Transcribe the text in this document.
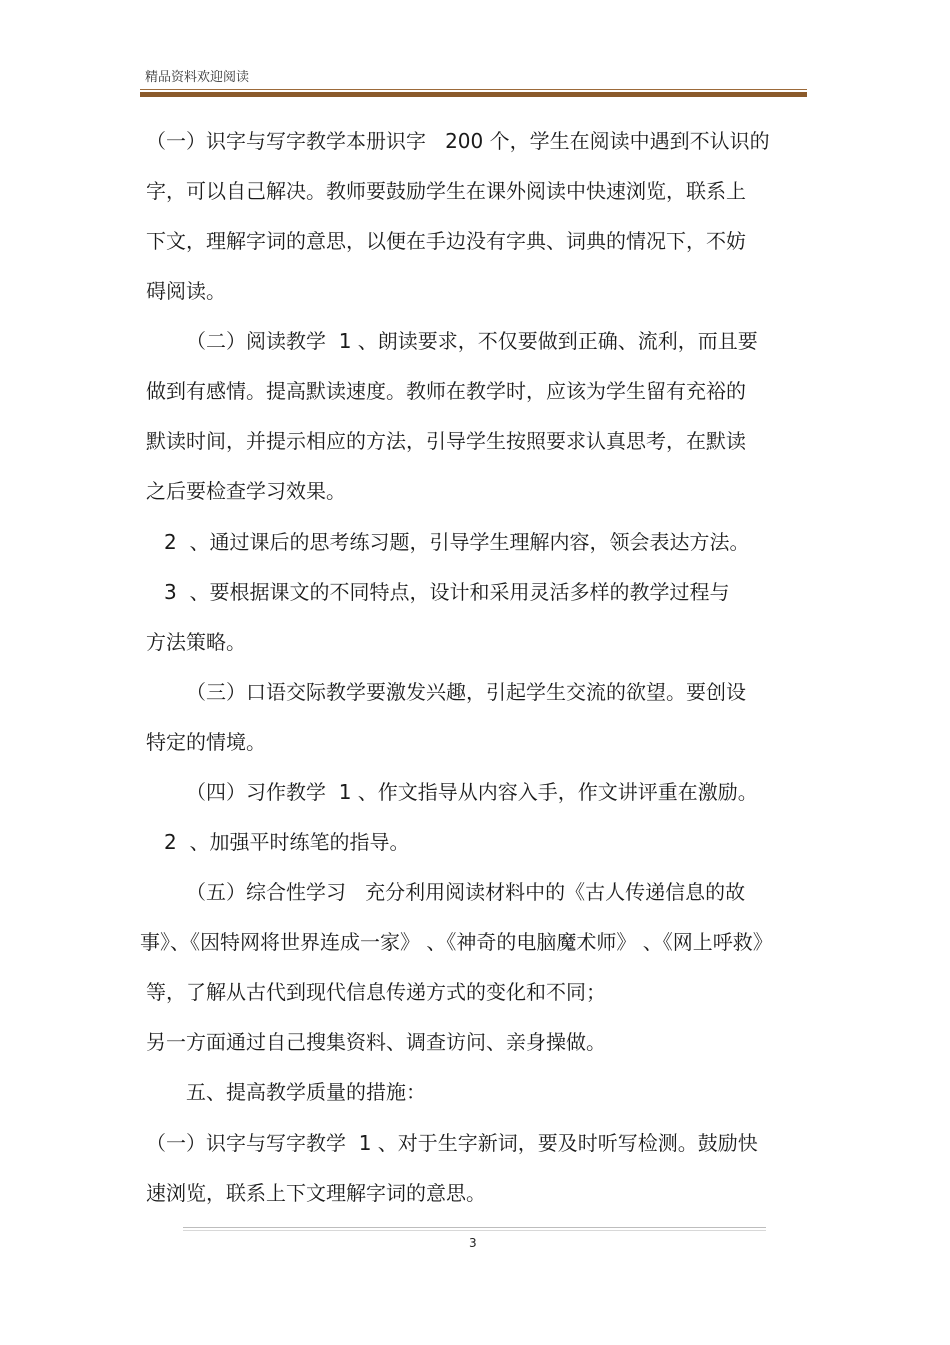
精品资料欢迎阅读
（一）识字与写字教学本册识字   200 个，学生在阅读中遇到不认识的
字，可以自己解决。教师要鼓励学生在课外阅读中快速浏览，联系上
下文，理解字词的意思，以便在手边没有字典、词典的情况下，不妨
碍阅读。
（二）阅读教学  1 、朗读要求，不仅要做到正确、流利，而且要
做到有感情。提高默读速度。教师在教学时，应该为学生留有充裕的
默读时间，并提示相应的方法，引导学生按照要求认真思考，在默读
之后要检查学习效果。
2  、通过课后的思考练习题，引导学生理解内容，领会表达方法。
3  、要根据课文的不同特点，设计和采用灵活多样的教学过程与
方法策略。
（三）口语交际教学要激发兴趣，引起学生交流的欲望。要创设
特定的情境。
（四）习作教学  1 、作文指导从内容入手，作文讲评重在激励。
2  、加强平时练笔的指导。
（五）综合性学习   充分利用阅读材料中的《古人传递信息的故
事》、《因特网将世界连成一家》 、《神奇的电脑魔术师》 、《网上呼救》
等，了解从古代到现代信息传递方式的变化和不同；
另一方面通过自己搜集资料、调查访问、亲身操做。
五、提高教学质量的措施：
（一）识字与写字教学  1 、对于生字新词，要及时听写检测。鼓励快
速浏览，联系上下文理解字词的意思。
3
